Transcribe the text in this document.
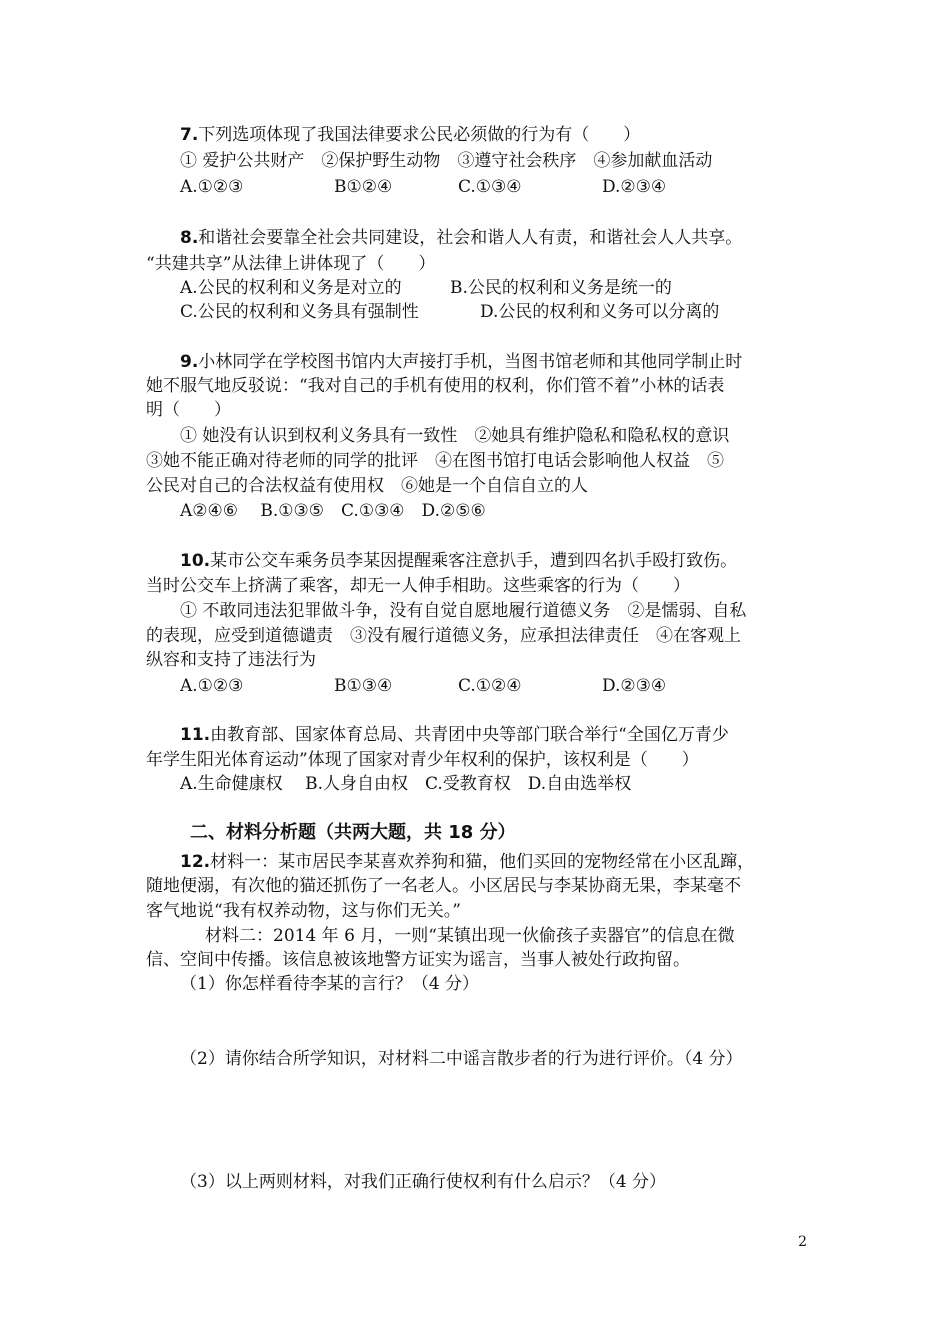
7.下列选项体现了我国法律要求公民必须做的行为有（　　）
① 爱护公共财产　②保护野生动物　③遵守社会秩序　④参加献血活动
A.①②③	B①②④	C.①③④	D.②③④
8.和谐社会要靠全社会共同建设，社会和谐人人有责，和谐社会人人共享。
“共建共享”从法律上讲体现了（　　）
A.公民的权利和义务是对立的	B.公民的权利和义务是统一的
C.公民的权利和义务具有强制性	D.公民的权利和义务可以分离的
9.小林同学在学校图书馆内大声接打手机，当图书馆老师和其他同学制止时
她不服气地反驳说：“我对自己的手机有使用的权利，你们管不着”小林的话表
明（　　）
① 她没有认识到权利义务具有一致性　②她具有维护隐私和隐私权的意识
③她不能正确对待老师的同学的批评　④在图书馆打电话会影响他人权益　⑤
公民对自己的合法权益有使用权　⑥她是一个自信自立的人
A②④⑥　 B.①③⑤　C.①③④　D.②⑤⑥
10.某市公交车乘务员李某因提醒乘客注意扒手，遭到四名扒手殴打致伤。
当时公交车上挤满了乘客，却无一人伸手相助。这些乘客的行为（　　）
① 不敢同违法犯罪做斗争，没有自觉自愿地履行道德义务　②是懦弱、自私
的表现，应受到道德谴责　③没有履行道德义务，应承担法律责任　④在客观上
纵容和支持了违法行为
A.①②③	B①③④	C.①②④	D.②③④
11.由教育部、国家体育总局、共青团中央等部门联合举行“全国亿万青少
年学生阳光体育运动”体现了国家对青少年权利的保护，该权利是（　　）
A.生命健康权　 B.人身自由权　C.受教育权　D.自由选举权
二、材料分析题（共两大题，共 18 分）
12.材料一：某市居民李某喜欢养狗和猫，他们买回的宠物经常在小区乱蹿，
随地便溺，有次他的猫还抓伤了一名老人。小区居民与李某协商无果，李某毫不
客气地说“我有权养动物，这与你们无关。”
材料二：2014 年 6 月，一则“某镇出现一伙偷孩子卖器官”的信息在微
信、空间中传播。该信息被该地警方证实为谣言，当事人被处行政拘留。
（1）你怎样看待李某的言行？（4 分）
（2）请你结合所学知识，对材料二中谣言散步者的行为进行评价。（4 分）
（3）以上两则材料，对我们正确行使权利有什么启示？（4 分）
2
